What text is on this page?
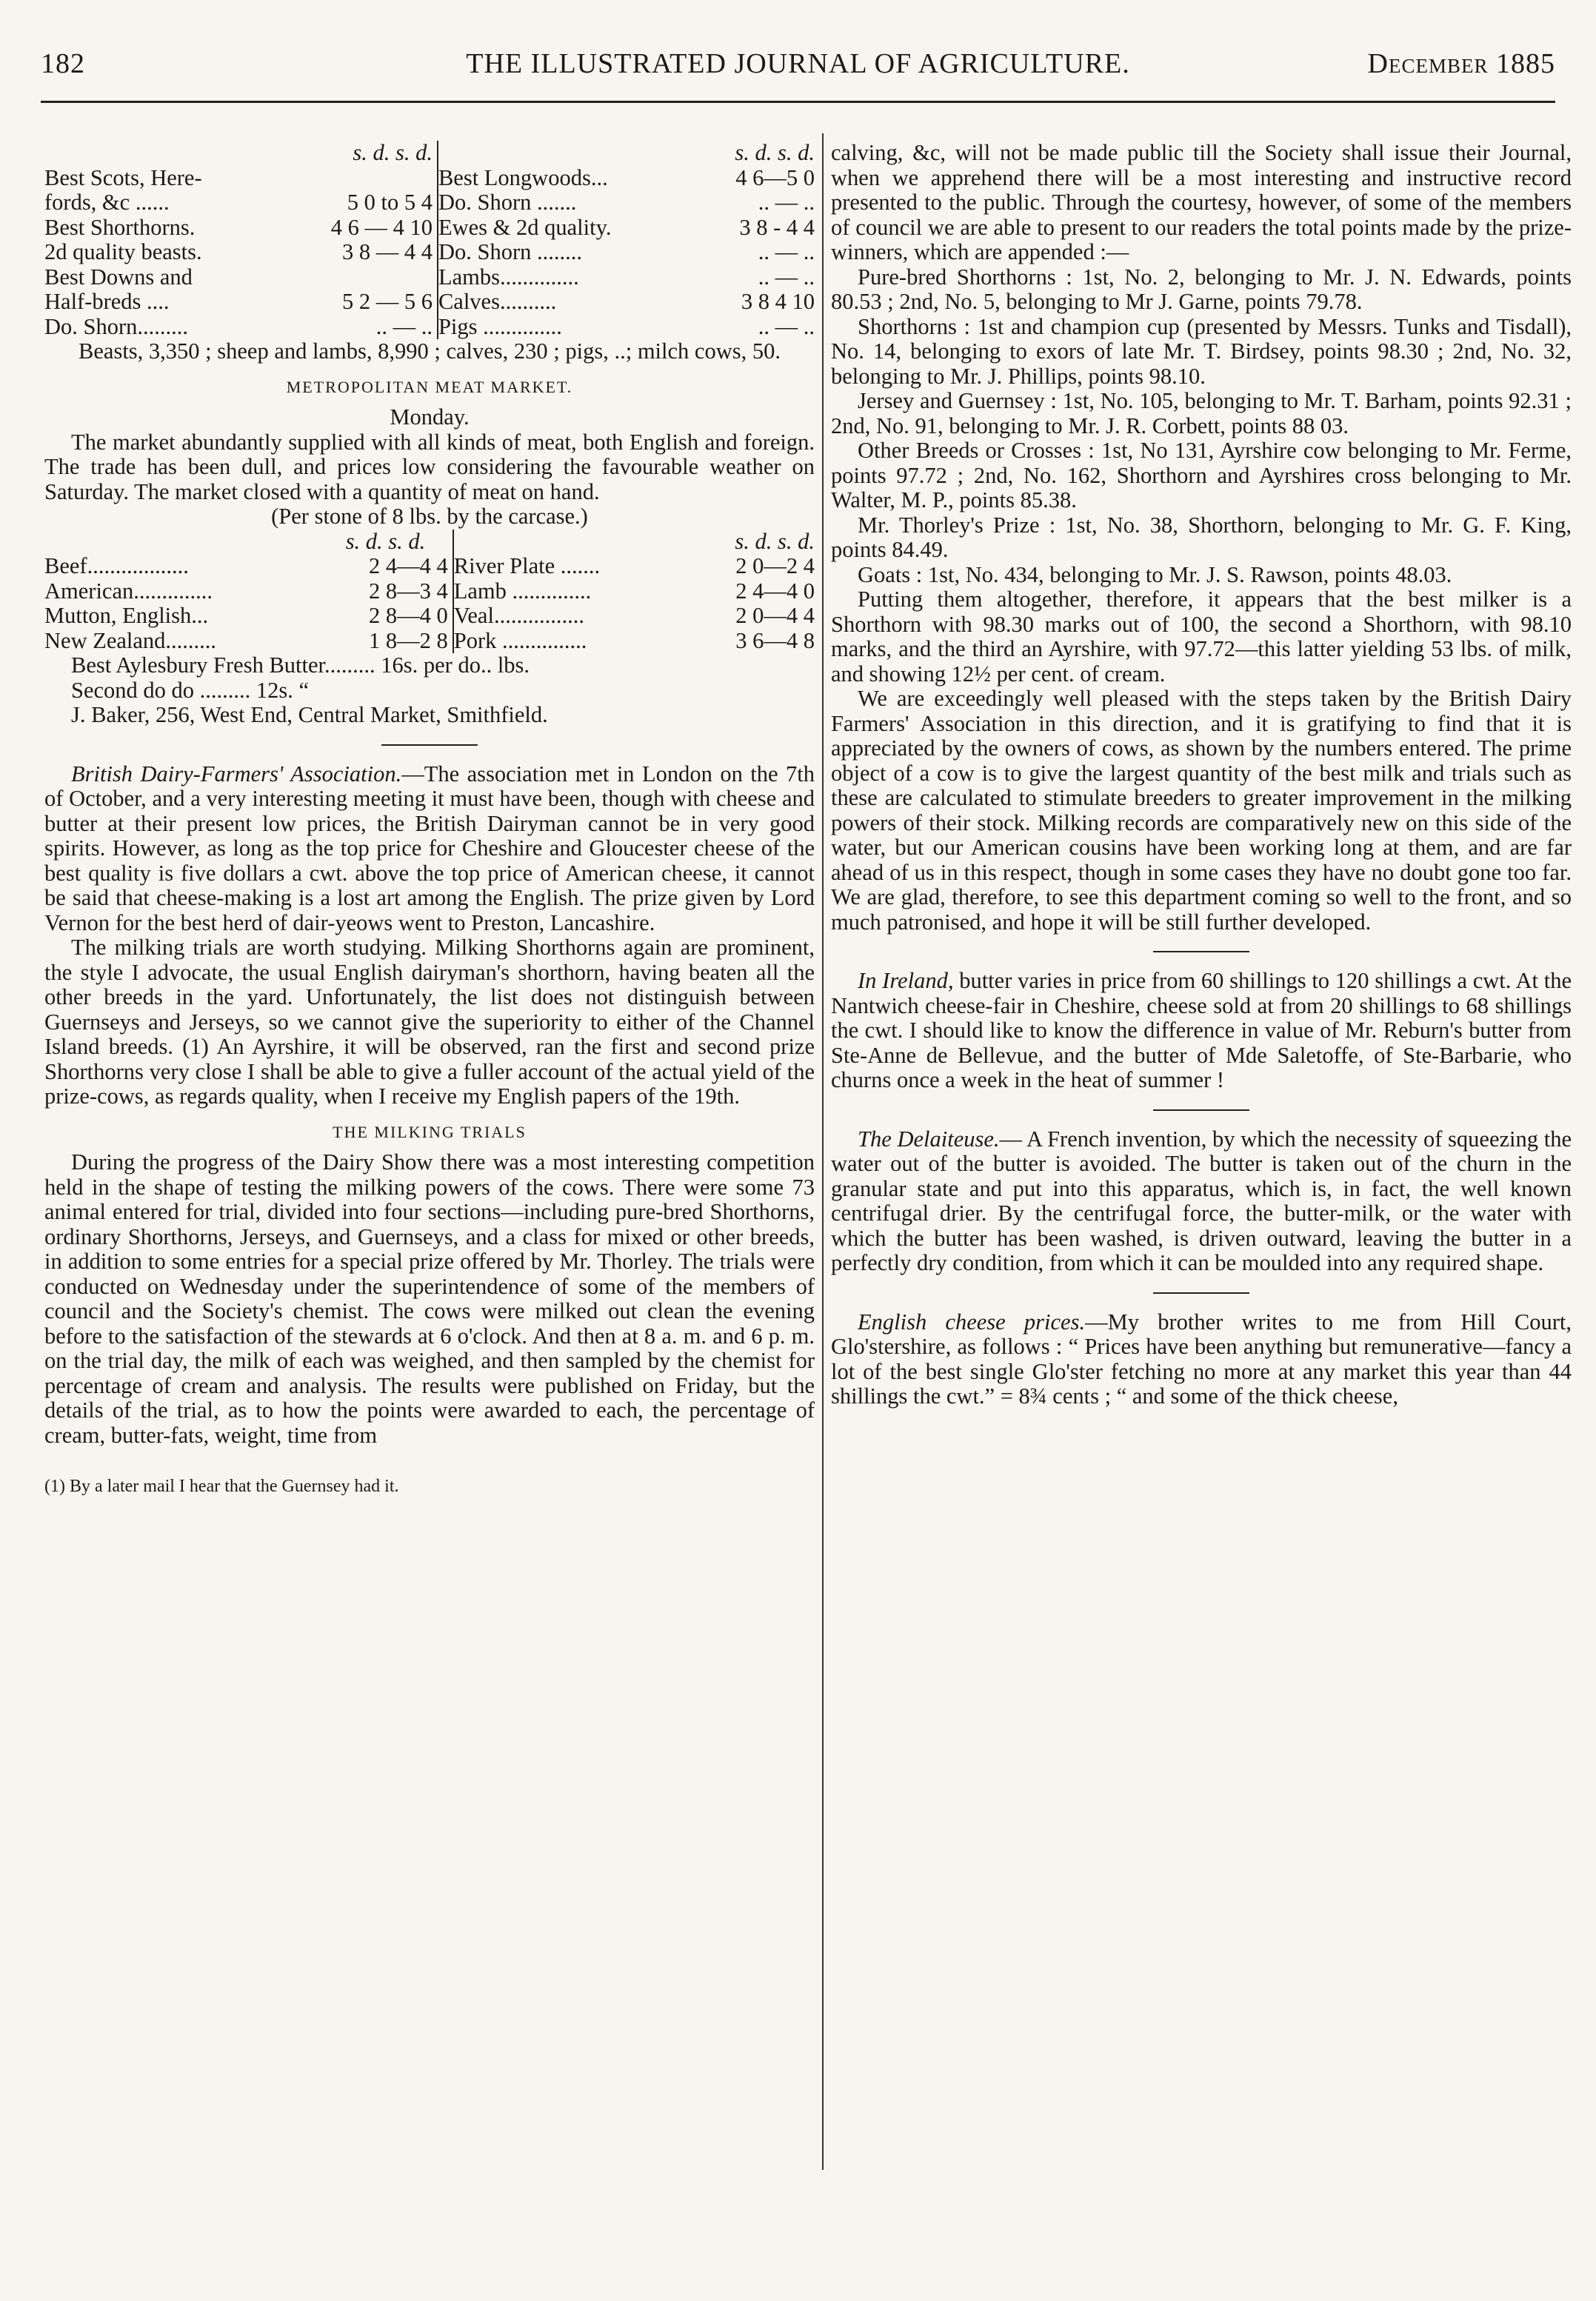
182	THE ILLUSTRATED JOURNAL OF AGRICULTURE.	December 1885
	s. d. s. d.		s. d. s. d.
Best Scots, Here-		Best Longwoods...	4 6—5 0
fords, &c ......	5 0 to 5 4	Do. Shorn .......	.. — ..
Best Shorthorns.	4 6 — 4 10	Ewes & 2d quality.	3 8 - 4 4
2d quality beasts.	3 8 — 4 4	Do. Shorn ........	.. — ..
Best Downs and		Lambs..............	.. — ..
Half-breds ....	5 2 — 5 6	Calves..........	3 8 4 10
Do. Shorn.........	.. — ..	Pigs ..............	.. — ..

Beasts, 3,350 ; sheep and lambs, 8,990 ; calves, 230 ; pigs, ..; milch cows, 50.

METROPOLITAN MEAT MARKET.

Monday.

The market abundantly supplied with all kinds of meat, both English and foreign. The trade has been dull, and prices low considering the favourable weather on Saturday. The market closed with a quantity of meat on hand.

(Per stone of 8 lbs. by the carcase.)

	s. d. s. d.		s. d. s. d.
Beef..................	2 4—4 4	River Plate .......	2 0—2 4
American..............	2 8—3 4	Lamb ..............	2 4—4 0
Mutton, English...	2 8—4 0	Veal................	2 0—4 4
New Zealand.........	1 8—2 8	Pork ...............	3 6—4 8

Best Aylesbury Fresh Butter......... 16s. per do.. lbs.

Second do do ......... 12s. “

J. Baker, 256, West End, Central Market, Smithfield.

British Dairy-Farmers' Association.—The association met in London on the 7th of October, and a very interesting meeting it must have been, though with cheese and butter at their present low prices, the British Dairyman cannot be in very good spirits. However, as long as the top price for Cheshire and Gloucester cheese of the best quality is five dollars a cwt. above the top price of American cheese, it cannot be said that cheese-making is a lost art among the English. The prize given by Lord Vernon for the best herd of dair-yeows went to Preston, Lancashire.

The milking trials are worth studying. Milking Shorthorns again are prominent, the style I advocate, the usual English dairyman's shorthorn, having beaten all the other breeds in the yard. Unfortunately, the list does not distinguish between Guernseys and Jerseys, so we cannot give the superiority to either of the Channel Island breeds. (1) An Ayrshire, it will be observed, ran the first and second prize Shorthorns very close I shall be able to give a fuller account of the actual yield of the prize-cows, as regards quality, when I receive my English papers of the 19th.

THE MILKING TRIALS

During the progress of the Dairy Show there was a most interesting competition held in the shape of testing the milking powers of the cows. There were some 73 animal entered for trial, divided into four sections—including pure-bred Shorthorns, ordinary Shorthorns, Jerseys, and Guernseys, and a class for mixed or other breeds, in addition to some entries for a special prize offered by Mr. Thorley. The trials were conducted on Wednesday under the superintendence of some of the members of council and the Society's chemist. The cows were milked out clean the evening before to the satisfaction of the stewards at 6 o'clock. And then at 8 a. m. and 6 p. m. on the trial day, the milk of each was weighed, and then sampled by the chemist for percentage of cream and analysis. The results were published on Friday, but the details of the trial, as to how the points were awarded to each, the percentage of cream, butter-fats, weight, time from

(1) By a later mail I hear that the Guernsey had it.

calving, &c, will not be made public till the Society shall issue their Journal, when we apprehend there will be a most interesting and instructive record presented to the public. Through the courtesy, however, of some of the members of council we are able to present to our readers the total points made by the prize-winners, which are appended :—

Pure-bred Shorthorns : 1st, No. 2, belonging to Mr. J. N. Edwards, points 80.53 ; 2nd, No. 5, belonging to Mr J. Garne, points 79.78.

Shorthorns : 1st and champion cup (presented by Messrs. Tunks and Tisdall), No. 14, belonging to exors of late Mr. T. Birdsey, points 98.30 ; 2nd, No. 32, belonging to Mr. J. Phillips, points 98.10.

Jersey and Guernsey : 1st, No. 105, belonging to Mr. T. Barham, points 92.31 ; 2nd, No. 91, belonging to Mr. J. R. Corbett, points 88 03.

Other Breeds or Crosses : 1st, No 131, Ayrshire cow belonging to Mr. Ferme, points 97.72 ; 2nd, No. 162, Shorthorn and Ayrshires cross belonging to Mr. Walter, M. P., points 85.38.

Mr. Thorley's Prize : 1st, No. 38, Shorthorn, belonging to Mr. G. F. King, points 84.49.

Goats : 1st, No. 434, belonging to Mr. J. S. Rawson, points 48.03.

Putting them altogether, therefore, it appears that the best milker is a Shorthorn with 98.30 marks out of 100, the second a Shorthorn, with 98.10 marks, and the third an Ayrshire, with 97.72—this latter yielding 53 lbs. of milk, and showing 12½ per cent. of cream.

We are exceedingly well pleased with the steps taken by the British Dairy Farmers' Association in this direction, and it is gratifying to find that it is appreciated by the owners of cows, as shown by the numbers entered. The prime object of a cow is to give the largest quantity of the best milk and trials such as these are calculated to stimulate breeders to greater improvement in the milking powers of their stock. Milking records are comparatively new on this side of the water, but our American cousins have been working long at them, and are far ahead of us in this respect, though in some cases they have no doubt gone too far. We are glad, therefore, to see this department coming so well to the front, and so much patronised, and hope it will be still further developed.

In Ireland, butter varies in price from 60 shillings to 120 shillings a cwt. At the Nantwich cheese-fair in Cheshire, cheese sold at from 20 shillings to 68 shillings the cwt. I should like to know the difference in value of Mr. Reburn's butter from Ste-Anne de Bellevue, and the butter of Mde Saletoffe, of Ste-Barbarie, who churns once a week in the heat of summer !

The Delaiteuse.— A French invention, by which the necessity of squeezing the water out of the butter is avoided. The butter is taken out of the churn in the granular state and put into this apparatus, which is, in fact, the well known centrifugal drier. By the centrifugal force, the butter-milk, or the water with which the butter has been washed, is driven outward, leaving the butter in a perfectly dry condition, from which it can be moulded into any required shape.

English cheese prices.—My brother writes to me from Hill Court, Glo'stershire, as follows : “ Prices have been anything but remunerative—fancy a lot of the best single Glo'ster fetching no more at any market this year than 44 shillings the cwt.” = 8¾ cents ; “ and some of the thick cheese,
